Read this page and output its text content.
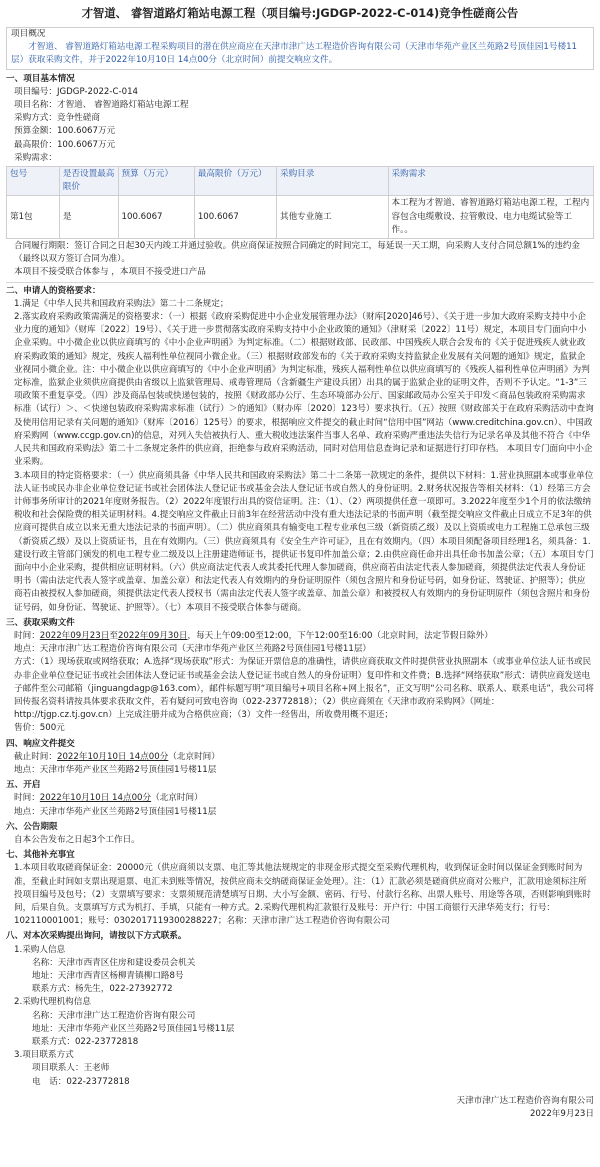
才智道、 睿智道路灯箱站电源工程（项目编号:JGDGP-2022-C-014)竞争性磋商公告
项目概况

才智道、 睿智道路灯箱站电源工程采购项目的潜在供应商应在天津市津广达工程造价咨询有限公司（天津市华苑产业区兰苑路2号顶佳园1号楼11层）获取采购文件，并于2022年10月10日 14点00分（北京时间）前提交响应文件。

一、项目基本情况
项目编号：JGDGP-2022-C-014
项目名称：才智道、 睿智道路灯箱站电源工程
采购方式：竞争性磋商
预算金额：100.6067万元
最高限价：100.6067万元
采购需求：
包号	是否设置最高限价	预算（万元）	最高限价（万元）	采购目录	采购需求
第1包	是	100.6067	100.6067	其他专业施工	本工程为才智道、睿智道路灯箱站电源工程，工程内容包含电缆敷设、拉管敷设、电力电缆试验等工作。。
合同履行期限：签订合同之日起30天内竣工并通过验收。供应商保证按照合同确定的时间完工，每延误一天工期，向采购人支付合同总额1%的违约金（最终以双方签订合同为准）。
本项目不接受联合体参与 ，本项目不接受进口产品
二、申请人的资格要求：

1.满足《中华人民共和国政府采购法》第二十二条规定；

2.落实政府采购政策需满足的资格要求：（一）根据《政府采购促进中小企业发展管理办法》（财库[2020]46号）、《关于进一步加大政府采购支持中小企业力度的通知》（财库〔2022〕19号）、《关于进一步贯彻落实政府采购支持中小企业政策的通知》（津财采〔2022〕11号）规定，本项目专门面向中小企业采购。中小微企业以供应商填写的《中小企业声明函》为判定标准。（二）根据财政部、民政部、中国残疾人联合会发布的《关于促进残疾人就业政府采购政策的通知》规定，残疾人福利性单位视同小微企业。（三）根据财政部发布的《关于政府采购支持监狱企业发展有关问题的通知》规定，监狱企业视同小微企业。注：中小微企业以供应商填写的《中小企业声明函》为判定标准，残疾人福利性单位以供应商填写的《残疾人福利性单位声明函》为判定标准，监狱企业须供应商提供由省级以上监狱管理局、戒毒管理局（含新疆生产建设兵团）出具的属于监狱企业的证明文件，否则不予认定。“1-3”三项政策不重复享受。（四）涉及商品包装或快递包装的，按照《财政部办公厅、生态环境部办公厅、国家邮政局办公室关于印发＜商品包装政府采购需求标准（试行）＞、＜快递包装政府采购需求标准（试行）＞的通知》（财办库〔2020〕123号）要求执行。（五）按照《财政部关于在政府采购活动中查询及使用信用记录有关问题的通知》（财库〔2016〕125号）的要求，根据响应文件提交的截止时间“信用中国”网站（www.creditchina.gov.cn）、中国政府采购网（www.ccgp.gov.cn)的信息，对列入失信被执行人、重大税收违法案件当事人名单、政府采购严重违法失信行为记录名单及其他不符合《中华人民共和国政府采购法》第二十二条规定条件的供应商，拒绝参与政府采购活动，同时对信用信息查询记录和证据进行打印存档。 本项目专门面向中小企业采购。

3.本项目的特定资格要求：（一）供应商须具备《中华人民共和国政府采购法》第二十二条第一款规定的条件，提供以下材料：1.营业执照副本或事业单位法人证书或民办非企业单位登记证书或社会团体法人登记证书或基金会法人登记证书或自然人的身份证明。2.财务状况报告等相关材料：（1）经第三方会计师事务所审计的2021年度财务报告。（2）2022年度银行出具的资信证明。注：（1）、（2）两项提供任意一项即可。3.2022年度至少1个月的依法缴纳税收和社会保险费的相关证明材料。4.提交响应文件截止日前3年在经营活动中没有重大违法记录的书面声明（截至提交响应文件截止日成立不足3年的供应商可提供自成立以来无重大违法记录的书面声明）。（二）供应商须具有输变电工程专业承包三级（新资质乙级）及以上资质或电力工程施工总承包三级（新资质乙级）及以上资质证书，且在有效期内。（三）供应商须具有《安全生产许可证》，且在有效期内。（四）本项目须配备项目经理1名，须具备：1.建设行政主管部门颁发的机电工程专业二级及以上注册建造师证书，提供证书复印件加盖公章；2.由供应商任命并出具任命书加盖公章；（五）本项目专门面向中小企业采购，提供相应证明材料。（六）供应商法定代表人或其委托代理人参加磋商，供应商若由法定代表人参加磋商，须提供法定代表人身份证明书（需由法定代表人签字或盖章、加盖公章）和法定代表人有效期内的身份证明原件（须包含照片和身份证号码，如身份证、驾驶证、护照等）；供应商若由被授权人参加磋商，须提供法定代表人授权书（需由法定代表人签字或盖章、加盖公章）和被授权人有效期内的身份证明原件（须包含照片和身份证号码，如身份证、驾驶证、护照等）。（七）本项目不接受联合体参与磋商。

三、获取采购文件

时间：2022年09月23日至2022年09月30日，每天上午09:00至12:00，下午12:00至16:00（北京时间，法定节假日除外）

地点：天津市津广达工程造价咨询有限公司（天津市华苑产业区兰苑路2号顶佳园1号楼11层）

方式：（1）现场获取或网络获取；A.选择“现场获取”形式：为保证开票信息的准确性，请供应商获取文件时提供营业执照副本（或事业单位法人证书或民办非企业单位登记证书或社会团体法人登记证书或基金会法人登记证书或自然人的身份证明）复印件和文件费；B.选择“网络获取”形式：请供应商发送电子邮件至公司邮箱（jinguangdagp@163.com），邮件标题写明“项目编号+项目名称+网上报名”，正文写明“公司名称、联系人、联系电话”，我公司将回传报名资料请按具体要求获取文件，若有疑问可致电咨询（022-23772818）；（2）供应商须在《天津市政府采购网》（网址：http://tjgp.cz.tj.gov.cn）上完成注册并成为合格供应商；（3）文件一经售出，所收费用概不退还；

售价：500元

四、响应文件提交

截止时间：2022年10月10日 14点00分（北京时间）

地点：天津市华苑产业区兰苑路2号顶佳园1号楼11层

五、开启

时间：2022年10月10日 14点00分（北京时间）

地点：天津市华苑产业区兰苑路2号顶佳园1号楼11层

六、公告期限

自本公告发布之日起3个工作日。

七、其他补充事宜

1.本项目收取磋商保证金：20000元（供应商须以支票、电汇等其他法规规定的非现金形式提交至采购代理机构，收到保证金时间以保证金到账时间为准，至截止时间如支票出现退票、电汇未到账等情况，按供应商未交纳磋商保证金处理）。注：（1）汇款必须是磋商供应商对公账户，汇款用途须标注所投项目编号及包号；（2）支票填写要求：支票须规范清楚填写日期、大小写金额、密码、行号、付款行名称、出票人账号、用途等各项，否则影响到账时间，后果自负。支票填写方式为机打、手填，只能有一种方式。2.采购代理机构汇款银行及账号：开户行：中国工商银行天津华苑支行；行号：102110001001；账号：0302017119300288227；名称：天津市津广达工程造价咨询有限公司

八、对本次采购提出询问，请按以下方式联系。
1.采购人信息
名称：天津市西青区住房和建设委员会机关
地址：天津市西青区杨柳青镇柳口路8号
联系方式：杨先生，022-27392772
2.采购代理机构信息
名称：天津市津广达工程造价咨询有限公司
地址：天津市华苑产业区兰苑路2号顶佳园1号楼11层
联系方式：022-23772818
3.项目联系方式
项目联系人：王老师
电　话：022-23772818
天津市津广达工程造价咨询有限公司
2022年9月23日
